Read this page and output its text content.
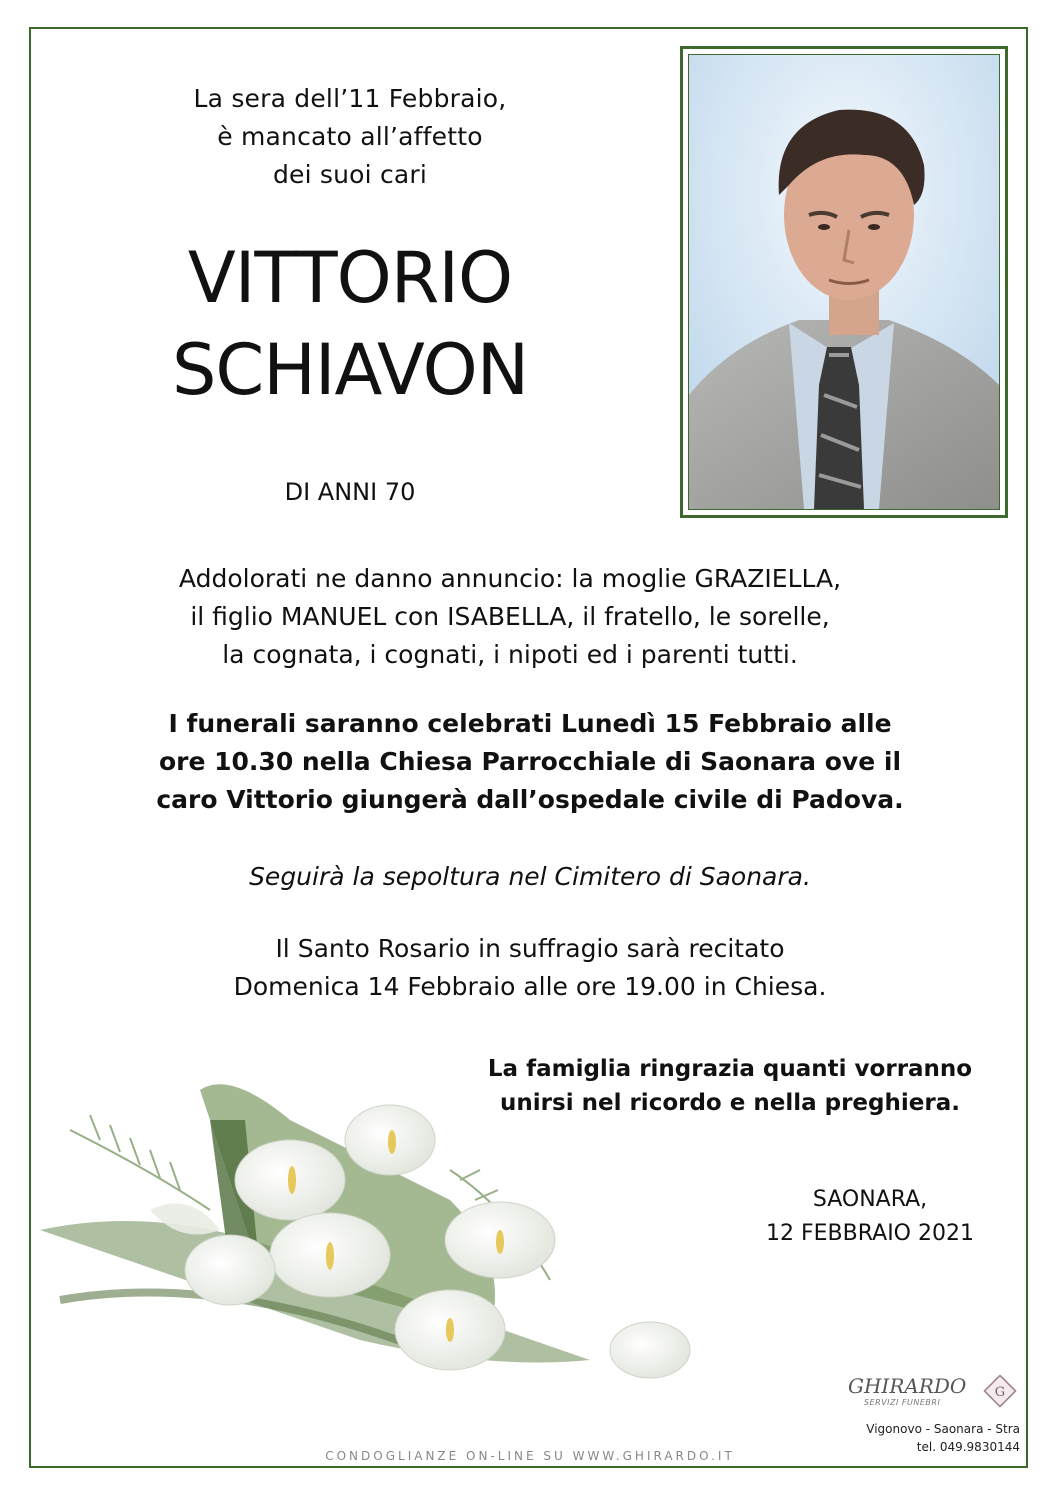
La sera dell’11 Febbraio,
è mancato all’affetto
dei suoi cari
VITTORIO
SCHIAVON
DI ANNI 70
Addolorati ne danno annuncio: la moglie GRAZIELLA,
il figlio MANUEL con ISABELLA, il fratello, le sorelle,
la cognata, i cognati, i nipoti ed i parenti tutti.
I funerali saranno celebrati Lunedì 15 Febbraio alle
ore 10.30 nella Chiesa Parrocchiale di Saonara ove il
caro Vittorio giungerà dall’ospedale civile di Padova.
Seguirà la sepoltura nel Cimitero di Saonara.
Il Santo Rosario in suffragio sarà recitato
Domenica 14 Febbraio alle ore 19.00 in Chiesa.
La famiglia ringrazia quanti vorranno
unirsi nel ricordo e nella preghiera.
SAONARA,
12 FEBBRAIO 2021
GHIRARDO
SERVIZI FUNEBRI
G
Vigonovo - Saonara - Stra
tel. 049.9830144
CONDOGLIANZE ON-LINE SU WWW.GHIRARDO.IT
